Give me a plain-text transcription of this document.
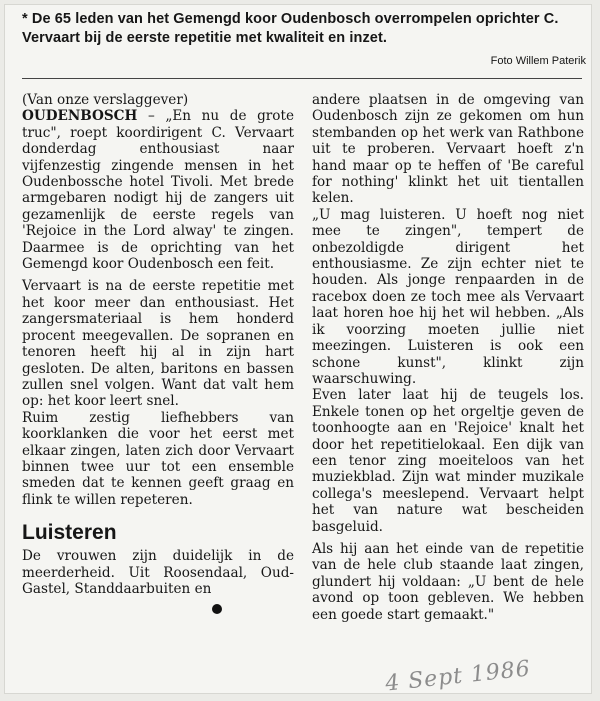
* De 65 leden van het Gemengd koor Oudenbosch overrompelen oprichter C. Vervaart bij de eerste repetitie met kwaliteit en inzet.
Foto Willem Paterik

(Van onze verslaggever)

OUDENBOSCH – „En nu de grote truc", roept koordirigent C. Vervaart donderdag enthousiast naar vijfenzestig zingende mensen in het Oudenbossche hotel Tivoli. Met brede armgebaren nodigt hij de zangers uit gezamenlijk de eerste regels van 'Rejoice in the Lord alway' te zingen. Daarmee is de oprichting van het Gemengd koor Oudenbosch een feit.

Vervaart is na de eerste repetitie met het koor meer dan enthousiast. Het zangersmateriaal is hem honderd procent meegevallen. De sopranen en tenoren heeft hij al in zijn hart gesloten. De alten, baritons en bassen zullen snel volgen. Want dat valt hem op: het koor leert snel.

Ruim zestig liefhebbers van koorklanken die voor het eerst met elkaar zingen, laten zich door Vervaart binnen twee uur tot een ensemble smeden dat te kennen geeft graag en flink te willen repeteren.

Luisteren

De vrouwen zijn duidelijk in de meerderheid. Uit Roosendaal, Oud-Gastel, Standdaarbuiten en

andere plaatsen in de omgeving van Oudenbosch zijn ze gekomen om hun stembanden op het werk van Rathbone uit te proberen. Vervaart hoeft z'n hand maar op te heffen of 'Be careful for nothing' klinkt het uit tientallen kelen.

„U mag luisteren. U hoeft nog niet mee te zingen", tempert de onbezoldigde dirigent het enthousiasme. Ze zijn echter niet te houden. Als jonge renpaarden in de racebox doen ze toch mee als Vervaart laat horen hoe hij het wil hebben. „Als ik voorzing moeten jullie niet meezingen. Luisteren is ook een schone kunst", klinkt zijn waarschuwing.

Even later laat hij de teugels los. Enkele tonen op het orgeltje geven de toonhoogte aan en 'Rejoice' knalt het door het repetitielokaal. Een dijk van een tenor zing moeiteloos van het muziekblad. Zijn wat minder muzikale collega's meeslepend. Vervaart helpt het van nature wat bescheiden basgeluid.

Als hij aan het einde van de repetitie van de hele club staande laat zingen, glundert hij voldaan: „U bent de hele avond op toon gebleven. We hebben een goede start gemaakt."

4 Sept 1986
